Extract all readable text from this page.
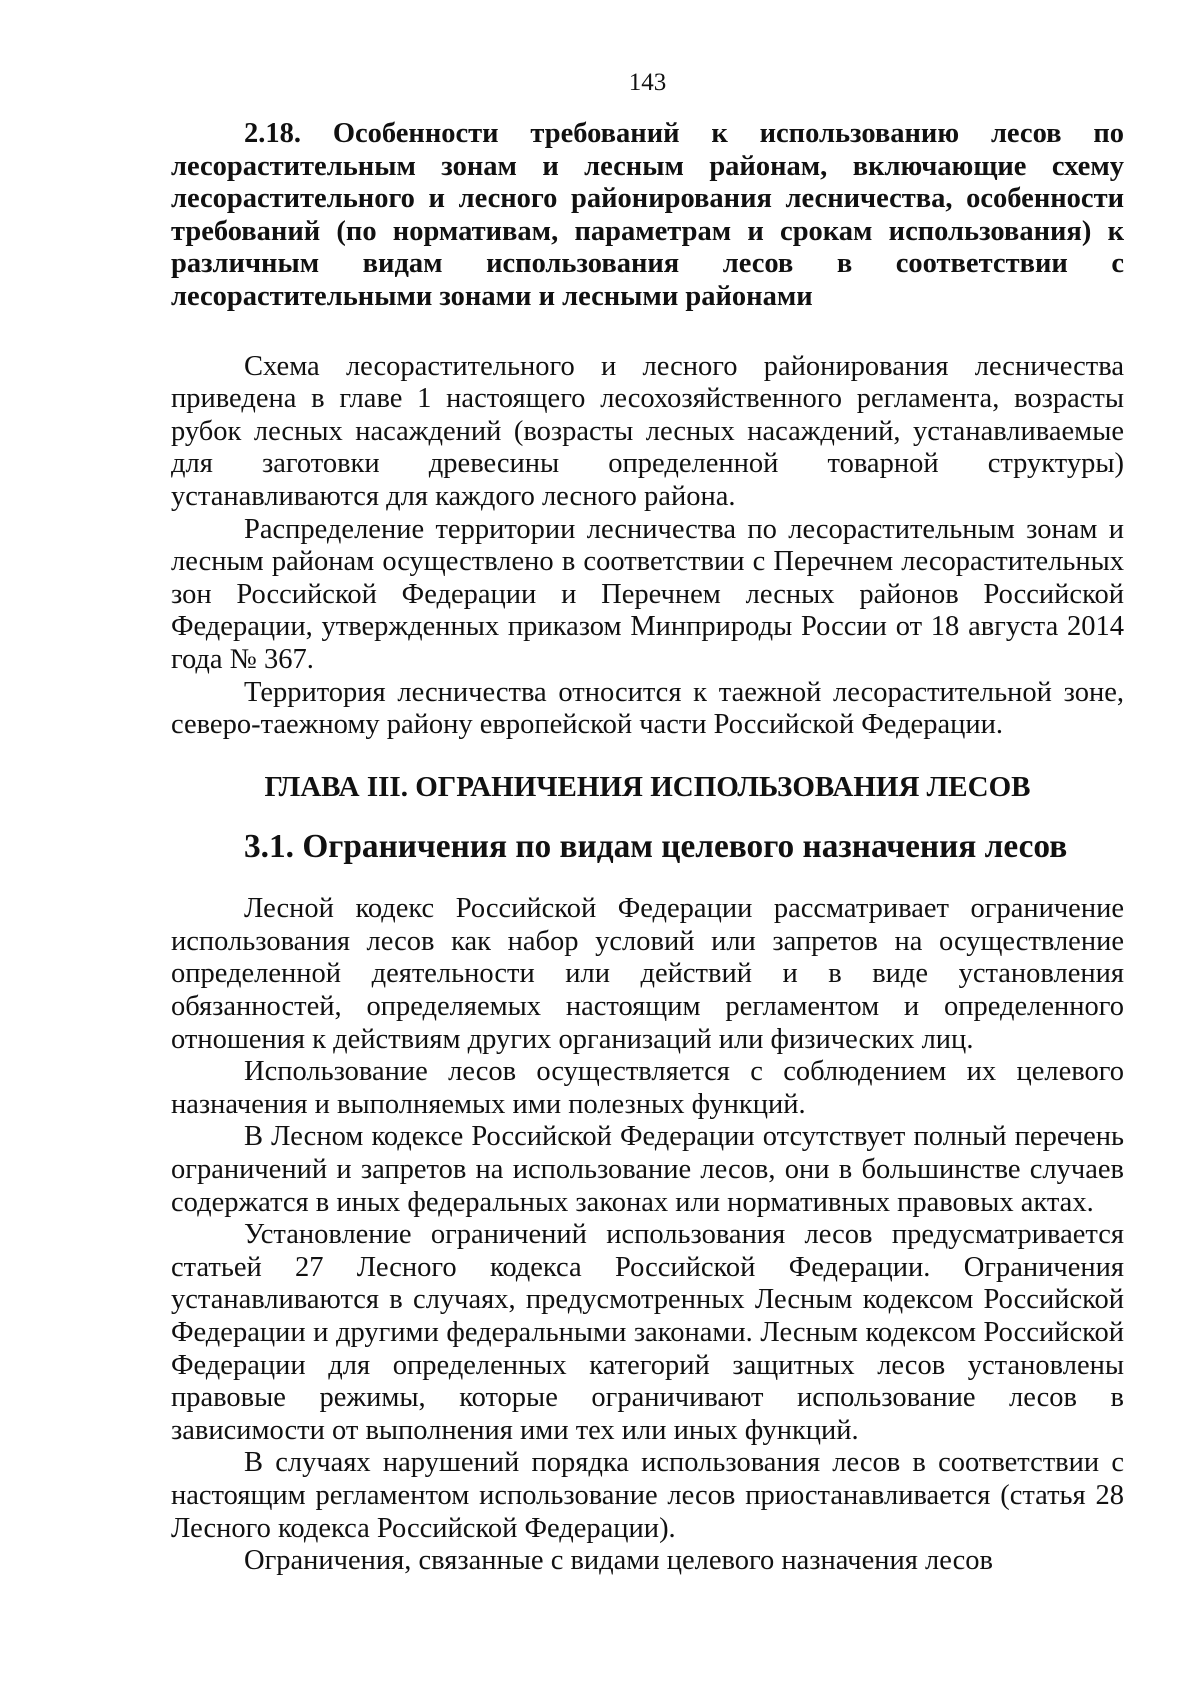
143

2.18. Особенности требований к использованию лесов по лесорастительным зонам и лесным районам, включающие схему лесорастительного и лесного районирования лесничества, особенности требований (по нормативам, параметрам и срокам использования) к различным видам использования лесов в соответствии с лесорастительными зонами и лесными районами

Схема лесорастительного и лесного районирования лесничества приведена в главе 1 настоящего лесохозяйственного регламента, возрасты рубок лесных насаждений (возрасты лесных насаждений, устанавливаемые для заготовки древесины определенной товарной структуры) устанавливаются для каждого лесного района.

Распределение территории лесничества по лесорастительным зонам и лесным районам осуществлено в соответствии с Перечнем лесорастительных зон Российской Федерации и Перечнем лесных районов Российской Федерации, утвержденных приказом Минприроды России от 18 августа 2014 года № 367.

Территория лесничества относится к таежной лесорастительной зоне, северо-таежному району европейской части Российской Федерации.

ГЛАВА III. ОГРАНИЧЕНИЯ ИСПОЛЬЗОВАНИЯ ЛЕСОВ
3.1. Ограничения по видам целевого назначения лесов

Лесной кодекс Российской Федерации рассматривает ограничение использования лесов как набор условий или запретов на осуществление определенной деятельности или действий и в виде установления обязанностей, определяемых настоящим регламентом и определенного отношения к действиям других организаций или физических лиц.

Использование лесов осуществляется с соблюдением их целевого назначения и выполняемых ими полезных функций.

В Лесном кодексе Российской Федерации отсутствует полный перечень ограничений и запретов на использование лесов, они в большинстве случаев содержатся в иных федеральных законах или нормативных правовых актах.

Установление ограничений использования лесов предусматривается статьей 27 Лесного кодекса Российской Федерации. Ограничения устанавливаются в случаях, предусмотренных Лесным кодексом Российской Федерации и другими федеральными законами. Лесным кодексом Российской Федерации для определенных категорий защитных лесов установлены правовые режимы, которые ограничивают использование лесов в зависимости от выполнения ими тех или иных функций.

В случаях нарушений порядка использования лесов в соответствии с настоящим регламентом использование лесов приостанавливается (статья 28 Лесного кодекса Российской Федерации).

Ограничения, связанные с видами целевого назначения лесов
